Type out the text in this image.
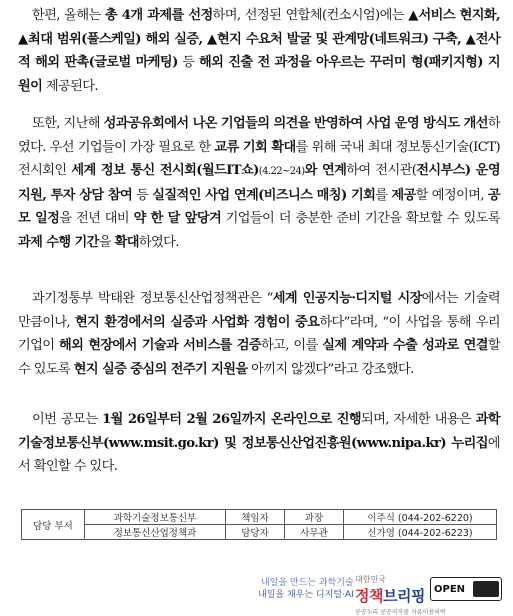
한편, 올해는 총 4개 과제를 선정하며, 선정된 연합체(컨소시엄)에는 ▲서비스 현지화, ▲최대 범위(풀스케일) 해외 실증, ▲현지 수요처 발굴 및 관계망(네트워크) 구축, ▲전사적 해외 판촉(글로벌 마케팅) 등 해외 진출 전 과정을 아우르는 꾸러미 형(패키지형) 지원이 제공된다.

또한, 지난해 성과공유회에서 나온 기업들의 의견을 반영하여 사업 운영 방식도 개선하였다. 우선 기업들이 가장 필요로 한 교류 기회 확대를 위해 국내 최대 정보통신기술(ICT) 전시회인 세계 정보 통신 전시회(월드IT쇼)(4.22~24)와 연계하여 전시관(전시부스) 운영 지원, 투자 상담 참여 등 실질적인 사업 연계(비즈니스 매칭) 기회를 제공할 예정이며, 공모 일정을 전년 대비 약 한 달 앞당겨 기업들이 더 충분한 준비 기간을 확보할 수 있도록 과제 수행 기간을 확대하였다.

과기정통부 박태완 정보통신산업정책관은 “세계 인공지능·디지털 시장에서는 기술력만큼이나, 현지 환경에서의 실증과 사업화 경험이 중요하다”라며, “이 사업을 통해 우리 기업이 해외 현장에서 기술과 서비스를 검증하고, 이를 실제 계약과 수출 성과로 연결할 수 있도록 현지 실증 중심의 전주기 지원을 아끼지 않겠다”라고 강조했다.

이번 공모는 1월 26일부터 2월 26일까지 온라인으로 진행되며, 자세한 내용은 과학기술정보통신부(www.msit.go.kr) 및 정보통신산업진흥원(www.nipa.kr) 누리집에서 확인할 수 있다.

담당 부서	과학기술정보통신부	책임자	과장	이주식 (044-202-6220)
	정보통신산업정책과	담당자	사무관	신가영 (044-202-6223)
내일을 만드는 과학기술
내일을 채우는 디지털·AI
대한민국
정책브리핑
공공누리 공공저작물 자유이용허락
OPEN
